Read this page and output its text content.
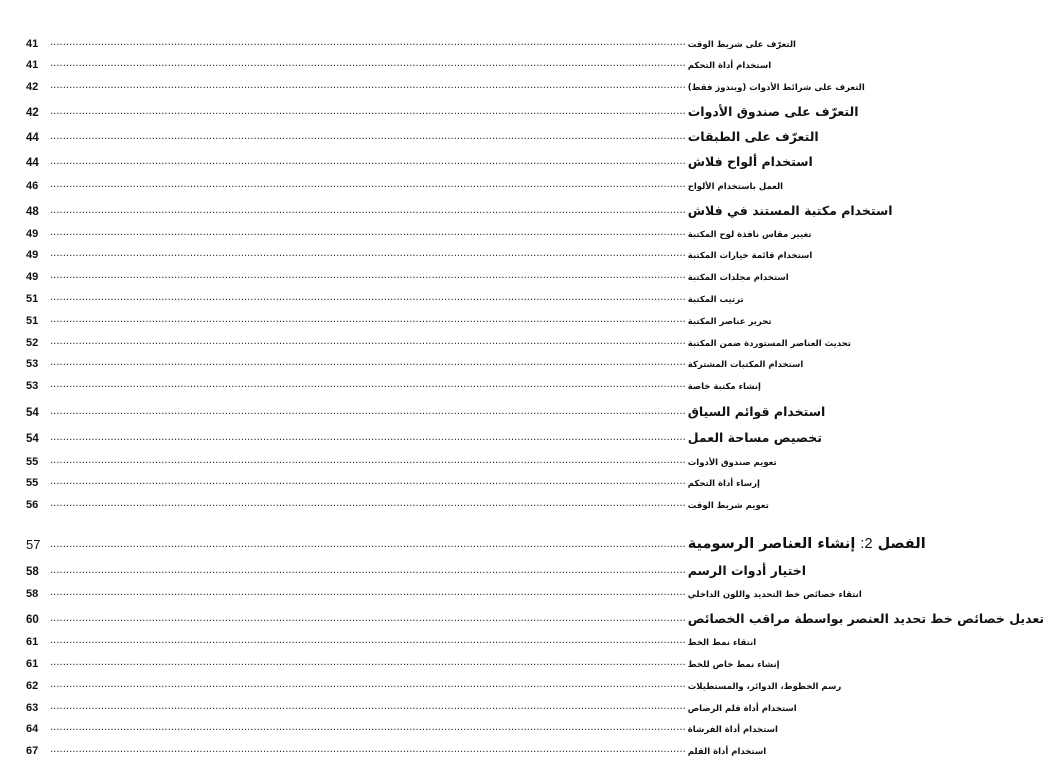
41	........................................................................................................................................................................................................ التعرّف على شريط الوقت
41	........................................................................................................................................................................................................ استخدام أداة التحكم
42	........................................................................................................................................................................................................ التعرف على شرائط الأدوات (ويندوز فقط)
42	........................................................................................................................................................................................................ التعرّف على صندوق الأدوات
44	........................................................................................................................................................................................................ التعرّف على الطبقات
44	........................................................................................................................................................................................................ استخدام ألواح فلاش
46	........................................................................................................................................................................................................ العمل باستخدام الألواح
48	........................................................................................................................................................................................................ استخدام مكتبة المستند في فلاش
49	........................................................................................................................................................................................................ تغيير مقاس نافذة لوح المكتبة
49	........................................................................................................................................................................................................ استخدام قائمة خيارات المكتبة
49	........................................................................................................................................................................................................ استخدام مجلدات المكتبة
51	........................................................................................................................................................................................................ ترتيب المكتبة
51	........................................................................................................................................................................................................ تحرير عناصر المكتبة
52	........................................................................................................................................................................................................ تحديث العناصر المستوردة ضمن المكتبة
53	........................................................................................................................................................................................................ استخدام المكتبات المشتركة
53	........................................................................................................................................................................................................ إنشاء مكتبة خاصة
54	........................................................................................................................................................................................................ استخدام قوائم السياق
54	........................................................................................................................................................................................................ تخصيص مساحة العمل
55	........................................................................................................................................................................................................ تعويم صندوق الأدوات
55	........................................................................................................................................................................................................ إرساء أداة التحكم
56	........................................................................................................................................................................................................ تعويم شريط الوقت
57 ........................................................................................................................................................................................................	الفصل 2: إنشاء العناصر الرسومية
58	........................................................................................................................................................................................................ اختيار أدوات الرسم
58	........................................................................................................................................................................................................ انتقاء خصائص خط التحديد واللون الداخلي
60	........................................................................................................................................................................................................ تعديل خصائص خط تحديد العنصر بواسطة مراقب الخصائص
61	........................................................................................................................................................................................................ انتقاء نمط الخط
61	........................................................................................................................................................................................................ إنشاء نمط خاص للخط
62	........................................................................................................................................................................................................ رسم الخطوط، الدوائر، والمستطيلات
63	........................................................................................................................................................................................................ استخدام أداة قلم الرصاص
64	........................................................................................................................................................................................................ استخدام أداة الفرشاة
67	........................................................................................................................................................................................................ استخدام أداة القلم
